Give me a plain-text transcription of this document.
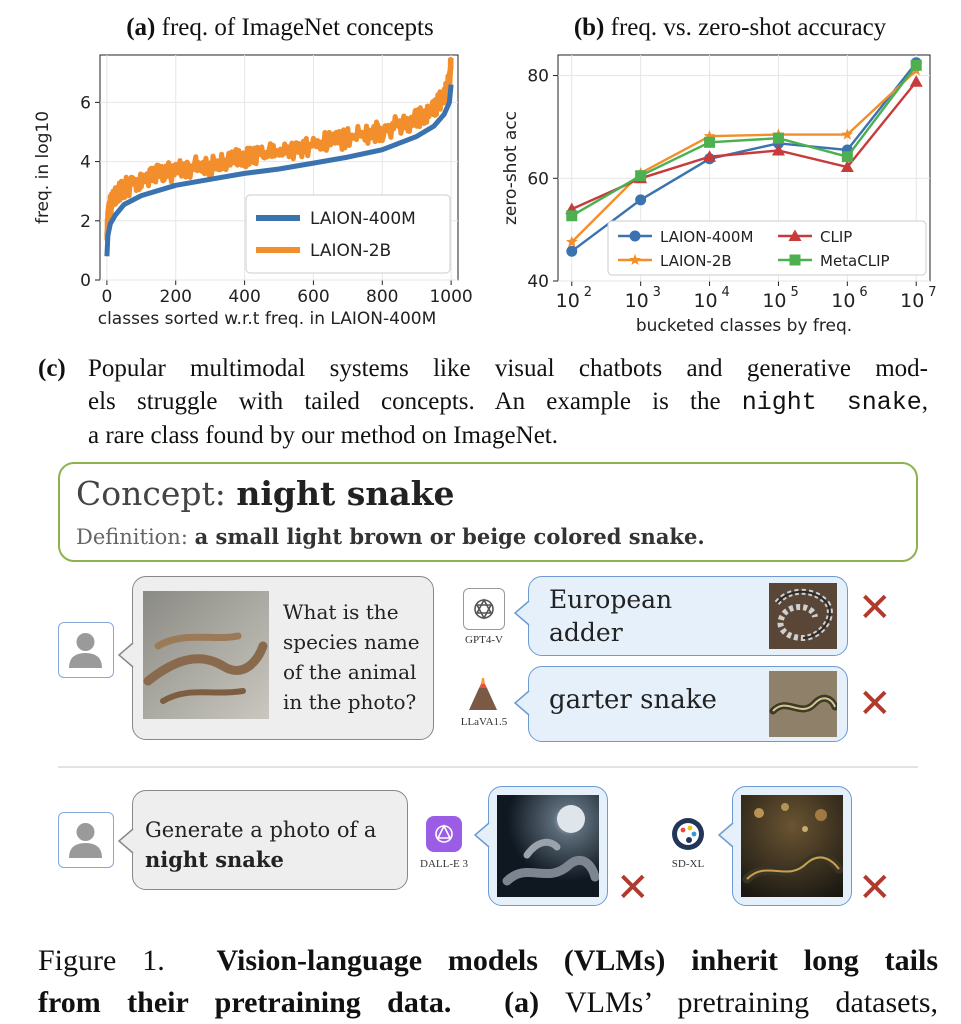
(a) freq. of ImageNet concepts	(b) freq. vs. zero-shot accuracy
0	200 400 600 800 1000
0
2
4
6
LAION-400M
LAION-2B
classes sorted w.r.t freq. in LAION-400M
freq. in log10
10 2 10 3 10 4 10 5 10 6 10 7
40
60
80
LAION-400M
LAION-2B
CLIP
MetaCLIP
bucketed classes by freq.
zero-shot acc
(c) Popular multimodal systems like visual chatbots and generative mod-
els struggle with tailed concepts. An example is the night snake,
a rare class found by our method on ImageNet.
Concept: night snake
Definition: a small light brown or beige colored snake.
What is the
species name
of the animal
in the photo?
GPT4-V
European
adder
✕
LLaVA1.5
garter snake	✕
Generate a photo of a
night snake	DALL-E 3
✕
SD-XL
✕
Figure 1. Vision-language models (VLMs) inherit long tails
from their pretraining data. (a) VLMs’ pretraining datasets,
